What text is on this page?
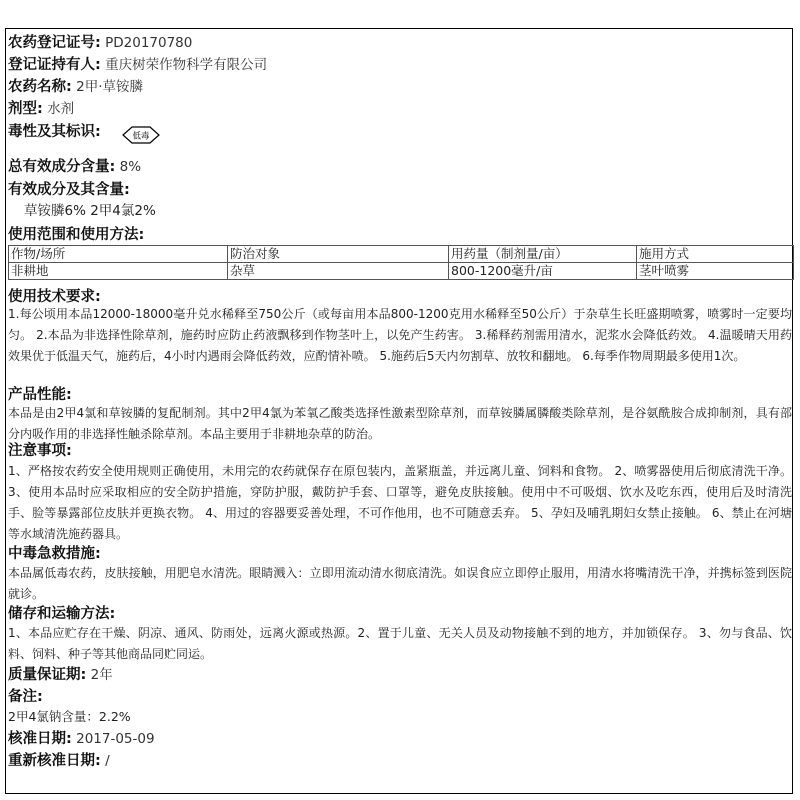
农药登记证号: PD20170780
登记证持有人: 重庆树荣作物科学有限公司
农药名称: 2甲·草铵膦
剂型: 水剂
毒性及其标识:	低毒
总有效成分含量: 8%
有效成分及其含量:
草铵膦6% 2甲4氯2%
使用范围和使用方法:
作物/场所	防治对象	用药量（制剂量/亩）	施用方式
非耕地	杂草	800-1200毫升/亩	茎叶喷雾
使用技术要求:
1.每公顷用本品12000-18000毫升兑水稀释至750公斤（或每亩用本品800-1200克用水稀释至50公斤）于杂草生长旺盛期喷雾，喷雾时一定要均匀。 2.本品为非选择性除草剂，施药时应防止药液飘移到作物茎叶上，以免产生药害。 3.稀释药剂需用清水，泥浆水会降低药效。 4.温暖晴天用药效果优于低温天气，施药后，4小时内遇雨会降低药效，应酌情补喷。 5.施药后5天内勿割草、放牧和翻地。 6.每季作物周期最多使用1次。
产品性能:
本品是由2甲4氯和草铵膦的复配制剂。其中2甲4氯为苯氧乙酸类选择性激素型除草剂，而草铵膦属膦酸类除草剂，是谷氨酰胺合成抑制剂，具有部分内吸作用的非选择性触杀除草剂。本品主要用于非耕地杂草的防治。
注意事项:
1、严格按农药安全使用规则正确使用，未用完的农药就保存在原包装内，盖紧瓶盖，并远离儿童、饲料和食物。 2、喷雾器使用后彻底清洗干净。 3、使用本品时应采取相应的安全防护措施，穿防护服，戴防护手套、口罩等，避免皮肤接触。使用中不可吸烟、饮水及吃东西，使用后及时清洗手、脸等暴露部位皮肤并更换衣物。 4、用过的容器要妥善处理，不可作他用，也不可随意丢弃。 5、孕妇及哺乳期妇女禁止接触。 6、禁止在河塘等水域清洗施药器具。
中毒急救措施:
本品属低毒农药，皮肤接触，用肥皂水清洗。眼睛溅入：立即用流动清水彻底清洗。如误食应立即停止服用，用清水将嘴清洗干净，并携标签到医院就诊。
储存和运输方法:
1、本品应贮存在干燥、阴凉、通风、防雨处，远离火源或热源。2、置于儿童、无关人员及动物接触不到的地方，并加锁保存。 3、勿与食品、饮料、饲料、种子等其他商品同贮同运。
质量保证期: 2年
备注:
2甲4氯钠含量：2.2%
核准日期: 2017-05-09
重新核准日期: /
